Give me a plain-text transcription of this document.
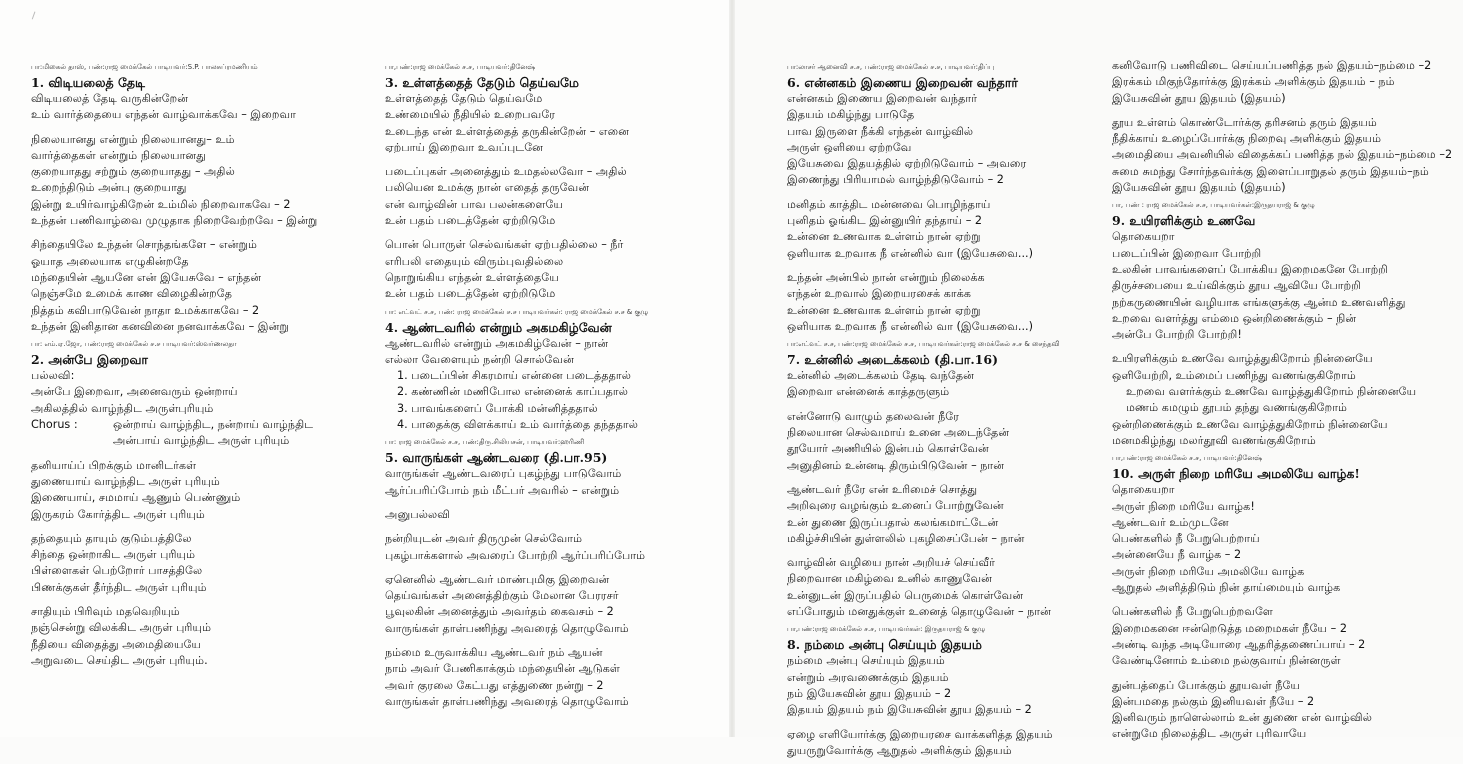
பா:மிகைல் தாஸ், பண்:ராஜ மைக்கேல் பாடியவர்:S.P. பாலசுப்ரமணியம்
1. விடியலைத் தேடி
விடியலைத் தேடி வருகின்றேன்
உம் வார்த்தையை எந்தன் வாழ்வாக்கவே – இறைவா
நிலையானது என்றும் நிலையானது– உம்
வார்த்தைகள் என்றும் நிலையானது
குறையாதது சற்றும் குறையாதது – அதில்
உறைந்திடும் அன்பு குறையாது
இன்று உயிர்வாழ்கிறேன் உம்மில் நிறைவாகவே – 2
உந்தன் பணிவாழ்வை முழுதாக நிறைவேற்றவே – இன்று
சிந்தையிலே உந்தன் சொந்தங்களே – என்றும்
ஓயாத அலையாக எழுகின்றதே
மந்தையின் ஆயனே என் இயேசுவே – எந்தன்
நெஞ்சமே உமைக் காண விழைகின்றதே
நித்தம் கவிபாடுவேன் நாதா உமக்காகவே – 2
உந்தன் இனிதான கனவினை நனவாக்கவே – இன்று
பா: எம்.ஏ.ஜோ, பண்:ராஜ மைக்கேல் ச.ச பாடியவர்:ஸ்வர்ணலதா
2. அன்பே இறைவா
பல்லவி:
அன்பே இறைவா, அனைவரும் ஒன்றாய்
அகிலத்தில் வாழ்ந்திட அருள்புரியும்
Chorus :	ஒன்றாய் வாழ்ந்திட, நன்றாய் வாழ்ந்திட
அன்பாய் வாழ்ந்திட அருள் புரியும்
தனியாய்ப் பிறக்கும் மானிடர்கள்
துணையாய் வாழ்ந்திட அருள் புரியும்
இணையாய், சமமாய் ஆணும் பெண்ணும்
இருகரம் கோர்த்திட அருள் புரியும்
தந்தையும் தாயும் குடும்பத்திலே
சிந்தை ஒன்றாகிட அருள் புரியும்
பிள்ளைகள் பெற்றோர் பாசத்திலே
பிணக்குகள் தீர்ந்திட அருள் புரியும்
சாதியும் பிரிவும் மதவெறியும்
நஞ்சென்று விலக்கிட அருள் புரியும்
நீதியை விதைத்து அமைதியையே
அறுவடை செய்திட அருள் புரியும்.
பா,பண்:ராஜ மைக்கேல் ச.ச, பாடியவர்:தினேஷ்
3. உள்ளத்தைத் தேடும் தெய்வமே
உள்ளத்தைத் தேடும் தெய்வமே
உண்மையில் நீதியில் உறைபவரே
உடைந்த என் உள்ளத்தைத் தருகின்றேன் – எனை
ஏற்பாய் இறைவா உவப்புடனே
படைப்புகள் அனைத்தும் உமதல்லவோ – அதில்
பலியென உமக்கு நான் எதைத் தருவேன்
என் வாழ்வின் பாவ பலன்களையே
உன் பதம் படைத்தேன் ஏற்றிடுமே
பொன் பொருள் செல்வங்கள் ஏற்பதில்லை – நீர்
எரிபலி எதையும் விரும்புவதில்லை
நொறுங்கிய எந்தன் உள்ளத்தையே
உன் பதம் படைத்தேன் ஏற்றிடுமே
பா: எட்வட் ச.ச, பண்: ராஜ மைக்கேல் ச.ச பாடியவர்கள்: ராஜ மைக்கேல் ச.ச & குழு
4. ஆண்டவரில் என்றும் அகமகிழ்வேன்
ஆண்டவரில் என்றும் அகமகிழ்வேன் – நான்
எல்லா வேளையும் நன்றி சொல்வேன்
1. படைப்பின் சிகரமாய் என்னை படைத்ததால்
2. கண்ணின் மணிபோல என்னைக் காப்பதால்
3. பாவங்களைப் போக்கி மன்னித்ததால்
4. பாதைக்கு விளக்காய் உம் வார்த்தை தந்ததால்
பா: ராஜ மைக்கேல் ச.ச, பண்:திரு.சிலியசன், பாடியவர்:ஹரிணி
5. வாருங்கள் ஆண்டவரை (தி.பா.95)
வாருங்கள் ஆண்டவரைப் புகழ்ந்து பாடுவோம்
ஆர்ப்பரிப்போம் நம் மீட்பர் அவரில் – என்றும்
அனுபல்லவி
நன்றியுடன் அவர் திருமுன் செல்வோம்
புகழ்பாக்களால் அவரைப் போற்றி ஆர்ப்பரிப்போம்
ஏனெனில் ஆண்டவர் மாண்புமிகு இறைவன்
தெய்வங்கள் அனைத்திற்கும் மேலான பேரரசர்
பூவுலகின் அனைத்தும் அவர்தம் கைவசம் – 2
வாருங்கள் தாள்பணிந்து அவரைத் தொழுவோம்
நம்மை உருவாக்கிய ஆண்டவர் நம் ஆயன்
நாம் அவர் பேணிகாக்கும் மந்தையின் ஆடுகள்
அவர் குரலை கேட்பது எத்துணை நன்று – 2
வாருங்கள் தாள்பணிந்து அவரைத் தொழுவோம்
பா:லாசர் ஆனைவி ச.ச, பண்:ராஜ மைக்கேல் ச.ச, பாடியவர்:திப்பு
6. என்னகம் இணைய இறைவன் வந்தார்
என்னகம் இணைய இறைவன் வந்தார்
இதயம் மகிழ்ந்து பாடுதே
பாவ இருளை நீக்கி எந்தன் வாழ்வில்
அருள் ஒளியை ஏற்றவே
இயேசுவை இதயத்தில் ஏற்றிடுவோம் – அவரை
இணைந்து பிரியாமல் வாழ்ந்திடுவோம் – 2
மனிதம் காத்திட மன்னவை பொழிந்தாய்
புனிதம் ஓங்கிட இன்னுயிர் தந்தாய் – 2
உன்னை உணவாக உள்ளம் நான் ஏற்று
ஒளியாக உறவாக நீ என்னில் வா (இயேசுவை...)
உந்தன் அன்பில் நான் என்றும் நிலைக்க
எந்தன் உறவால் இறையரசைக் காக்க
உன்னை உணவாக உள்ளம் நான் ஏற்று
ஒளியாக உறவாக நீ என்னில் வா (இயேசுவை...)
பா:எட்வட் ச.ச, பண்:ராஜ மைக்கேல் ச.ச, பாடியவர்கள்:ராஜ மைக்கேல் ச.ச & சைந்தவி
7. உன்னில் அடைக்கலம் (தி.பா.16)
உன்னில் அடைக்கலம் தேடி வந்தேன்
இறைவா என்னைக் காத்தருளும்
என்னோடு வாழும் தலைவன் நீரே
நிலையான செல்வமாய் உனை அடைந்தேன்
தூயோர் அணியில் இன்பம் கொள்வேன்
அனுதினம் உன்னடி திரும்பிடுவேன் – நான்
ஆண்டவர் நீரே என் உரிமைச் சொத்து
அறிவுரை வழங்கும் உனைப் போற்றுவேன்
உன் துணை இருப்பதால் கலங்கமாட்டேன்
மகிழ்ச்சியின் துள்ளலில் புகழிசைப்பேன் – நான்
வாழ்வின் வழியை நான் அறியச் செய்வீர்
நிறைவான மகிழ்வை உனில் காணுவேன்
உன்னுடன் இருப்பதில் பெருமைக் கொள்வேன்
எப்போதும் மனதுக்குள் உனைத் தொழுவேன் – நான்
பா,பண்:ராஜ மைக்கேல் ச.ச, பாடியவர்கள்: இருதயராஜ் & குழு
8. நம்மை அன்பு செய்யும் இதயம்
நம்மை அன்பு செய்யும் இதயம்
என்றும் அரவணைக்கும் இதயம்
நம் இயேசுவின் தூய இதயம் – 2
இதயம் இதயம் நம் இயேசுவின் தூய இதயம் – 2
ஏழை எளியோர்க்கு இறையரசை வாக்களித்த இதயம்
துயருறுவோர்க்கு ஆறுதல் அளிக்கும் இதயம்
கனிவோடு பணிவிடை செய்யப்பணித்த நல் இதயம்–நம்மை –2
இரக்கம் மிகுந்தோர்க்கு இரக்கம் அளிக்கும் இதயம் – நம்
இயேசுவின் தூய இதயம் (இதயம்)
தூய உள்ளம் கொண்டோர்க்கு தரிசனம் தரும் இதயம்
நீதிக்காய் உழைப்போர்க்கு நிறைவு அளிக்கும் இதயம்
அமைதியை அவனியில் விதைக்கப் பணித்த நல் இதயம்–நம்மை –2
சுமை சுமந்து சோர்ந்தவர்க்கு இளைப்பாறுதல் தரும் இதயம்–நம்
இயேசுவின் தூய இதயம் (இதயம்)
பா, பண் : ராஜ மைக்கேல் ச.ச, பாடியவர்கள்:இருதயராஜ் & குழு
9. உயிரளிக்கும் உணவே
தொகையறா
படைப்பின் இறைவா போற்றி
உலகின் பாவங்களைப் போக்கிய இறைமகனே போற்றி
திருச்சபையை உய்விக்கும் தூய ஆவியே போற்றி
நற்கருணையின் வழியாக எங்களுக்கு ஆன்ம உணவளித்து
உறவை வளர்த்து எம்மை ஒன்றிணைக்கும் – நின்
அன்பே போற்றி போற்றி!
உயிரளிக்கும் உணவே வாழ்த்துகிறோம் நின்னையே
ஒளியேற்றி, உம்மைப் பணிந்து வணங்குகிறோம்
உறவை வளர்க்கும் உணவே வாழ்த்துகிறோம் நின்னையே
மணம் கமழும் தூபம் தந்து வணங்குகிறோம்
ஒன்றிணைக்கும் உணவே வாழ்த்துகிறோம் நின்னையே
மனமகிழ்ந்து மலர்தூவி வணங்குகிறோம்
பா,பண்:ராஜ மைக்கேல் ச.ச, பாடியவர்:தினேஷ்
10. அருள் நிறை மரியே அமலியே வாழ்க!
தொகையறா
அருள் நிறை மரியே வாழ்க!
ஆண்டவர் உம்முடனே
பெண்களில் நீ பேறுபெற்றாய்
அன்னையே நீ வாழ்க – 2
அருள் நிறை மரியே அமலியே வாழ்க
ஆறுதல் அளித்திடும் நின் தாய்மையும் வாழ்க
பெண்களில் நீ பேறுபெற்றவளே
இறைமகனை ஈன்றெடுத்த மறைமகள் நீயே – 2
அண்டி வந்த அடியோரை ஆதரித்தணைப்பாய் – 2
வேண்டினோம் உம்மை நல்குவாய் நின்னருள்
துன்பத்தைப் போக்கும் தூயவள் நீயே
இன்பமதை நல்கும் இனியவள் நீயே – 2
இனிவரும் நாளெல்லாம் உன் துணை என் வாழ்வில்
என்றுமே நிலைத்திட அருள் புரிவாயே
